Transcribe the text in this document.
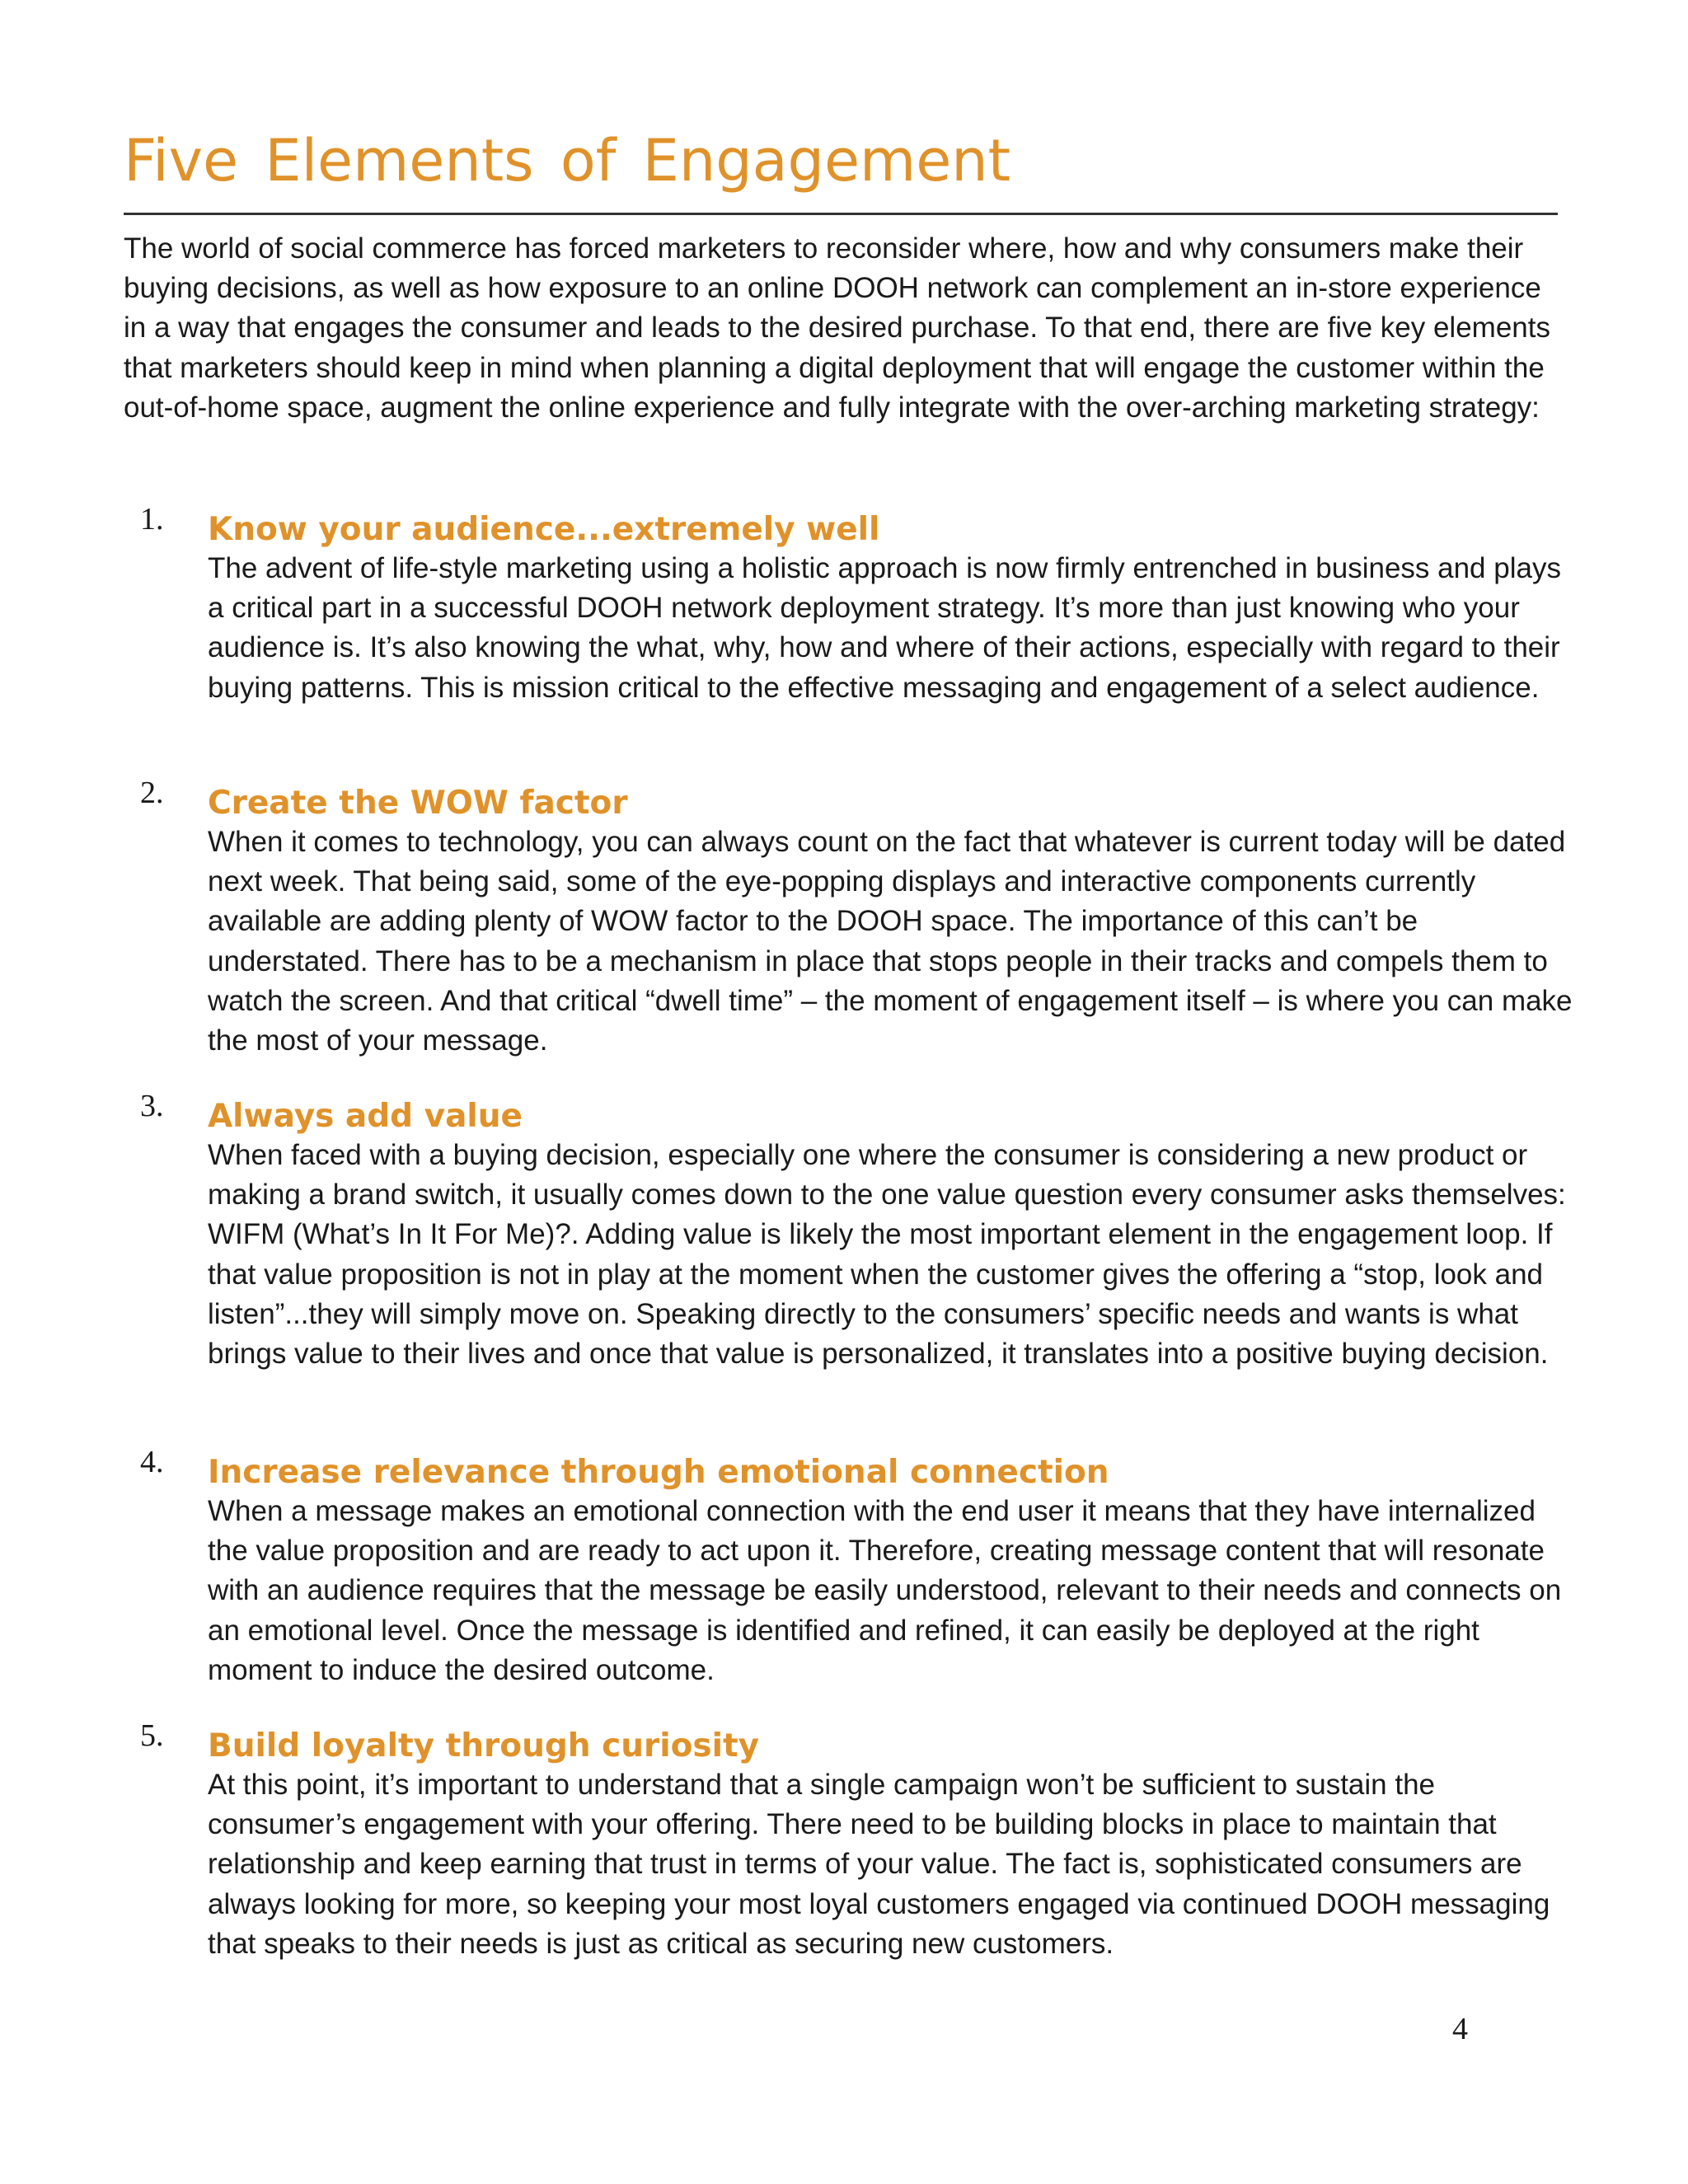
Five Elements of Engagement

The world of social commerce has forced marketers to reconsider where, how and why consumers make their buying decisions, as well as how exposure to an online DOOH network can complement an in-store experience in a way that engages the consumer and leads to the desired purchase. To that end, there are five key elements that marketers should keep in mind when planning a digital deployment that will engage the customer within the out-of-home space, augment the online experience and fully integrate with the over-arching marketing strategy:

1. Know your audience...extremely well

The advent of life-style marketing using a holistic approach is now firmly entrenched in business and plays a critical part in a successful DOOH network deployment strategy. It’s more than just knowing who your audience is. It’s also knowing the what, why, how and where of their actions, especially with regard to their buying patterns. This is mission critical to the effective messaging and engagement of a select audience.

2. Create the WOW factor

When it comes to technology, you can always count on the fact that whatever is current today will be dated next week. That being said, some of the eye-popping displays and interactive components currently available are adding plenty of WOW factor to the DOOH space. The importance of this can’t be understated. There has to be a mechanism in place that stops people in their tracks and compels them to watch the screen. And that critical “dwell time” – the moment of engagement itself – is where you can make the most of your message.

3. Always add value

When faced with a buying decision, especially one where the consumer is considering a new product or making a brand switch, it usually comes down to the one value question every consumer asks themselves: WIFM (What’s In It For Me)?. Adding value is likely the most important element in the engagement loop. If that value proposition is not in play at the moment when the customer gives the offering a “stop, look and listen”...they will simply move on. Speaking directly to the consumers’ specific needs and wants is what brings value to their lives and once that value is personalized, it translates into a positive buying decision.

4. Increase relevance through emotional connection

When a message makes an emotional connection with the end user it means that they have internalized the value proposition and are ready to act upon it. Therefore, creating message content that will resonate with an audience requires that the message be easily understood, relevant to their needs and connects on an emotional level. Once the message is identified and refined, it can easily be deployed at the right moment to induce the desired outcome.

5. Build loyalty through curiosity

At this point, it’s important to understand that a single campaign won’t be sufficient to sustain the consumer’s engagement with your offering. There need to be building blocks in place to maintain that relationship and keep earning that trust in terms of your value. The fact is, sophisticated consumers are always looking for more, so keeping your most loyal customers engaged via continued DOOH messaging that speaks to their needs is just as critical as securing new customers.

4
